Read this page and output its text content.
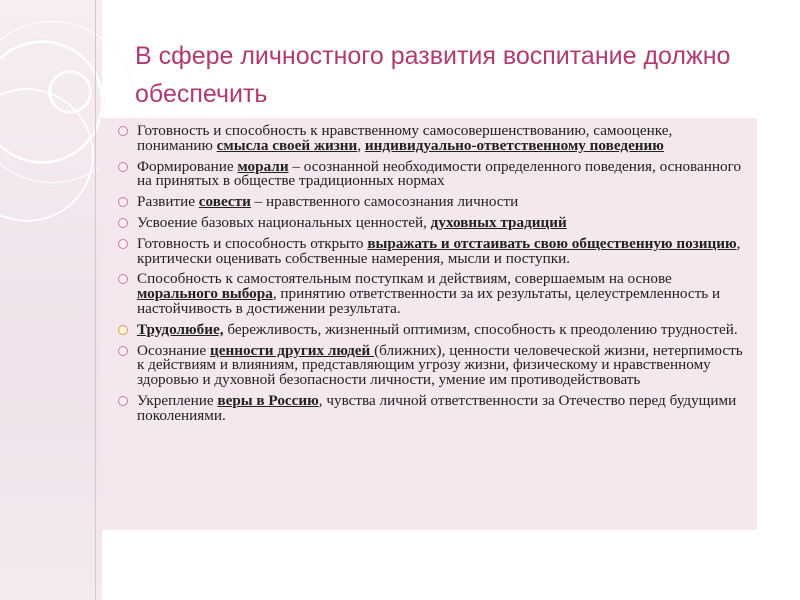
В сфере личностного развития воспитание должно обеспечить
Готовность и способность к нравственному самосовершенствованию, самооценке, пониманию смысла своей жизни, индивидуально-ответственному поведению
Формирование морали – осознанной необходимости определенного поведения, основанного на принятых в обществе традиционных нормах
Развитие совести – нравственного самосознания личности
Усвоение базовых национальных ценностей, духовных традиций
Готовность и способность открыто выражать и отстаивать свою общественную позицию, критически оценивать собственные намерения, мысли и поступки.
Способность к самостоятельным поступкам и действиям, совершаемым на основе морального выбора, принятию ответственности за их результаты, целеустремленность и настойчивость в достижении результата.
Трудолюбие, бережливость, жизненный оптимизм, способность к преодолению трудностей.
Осознание ценности других людей (ближних), ценности человеческой жизни, нетерпимость к действиям и влияниям, представляющим угрозу жизни, физическому и нравственному здоровью и духовной безопасности личности, умение им противодействовать
Укрепление веры в Россию, чувства личной ответственности за Отечество перед будущими поколениями.
